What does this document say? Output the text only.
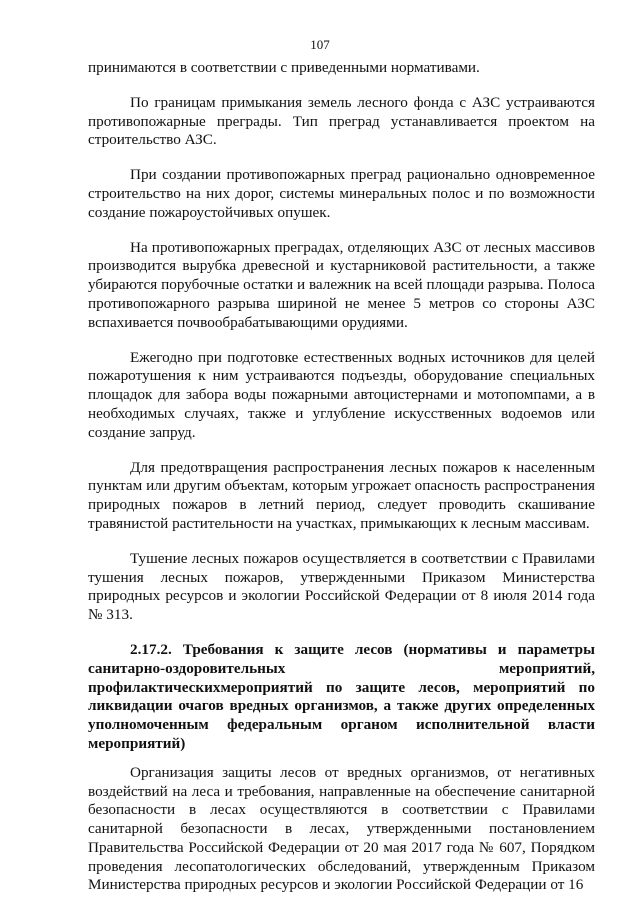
107

принимаются в соответствии с приведенными нормативами.

По границам примыкания земель лесного фонда с АЗС устраиваются противопожарные преграды. Тип преград устанавливается проектом на строительство АЗС.

При создании противопожарных преград рационально одновременное строительство на них дорог, системы минеральных полос и по возможности создание пожароустойчивых опушек.

На противопожарных преградах, отделяющих АЗС от лесных массивов производится вырубка древесной и кустарниковой растительности, а также убираются порубочные остатки и валежник на всей площади разрыва. Полоса противопожарного разрыва шириной не менее 5 метров со стороны АЗС вспахивается почвообрабатывающими орудиями.

Ежегодно при подготовке естественных водных источников для целей пожаротушения к ним устраиваются подъезды, оборудование специальных площадок для забора воды пожарными автоцистернами и мотопомпами, а в необходимых случаях, также и углубление искусственных водоемов или создание запруд.

Для предотвращения распространения лесных пожаров к населенным пунктам или другим объектам, которым угрожает опасность распространения природных пожаров в летний период, следует проводить скашивание травянистой растительности на участках, примыкающих к лесным массивам.

Тушение лесных пожаров осуществляется в соответствии с Правилами тушения лесных пожаров, утвержденными Приказом Министерства природных ресурсов и экологии Российской Федерации от 8 июля 2014 года № 313.

2.17.2. Требования к защите лесов (нормативы и параметры санитарно-оздоровительных мероприятий, профилактическихмероприятий по защите лесов, мероприятий по ликвидации очагов вредных организмов, а также других определенных уполномоченным федеральным органом исполнительной власти мероприятий)

Организация защиты лесов от вредных организмов, от негативных воздействий на леса и требования, направленные на обеспечение санитарной безопасности в лесах осуществляются в соответствии с Правилами санитарной безопасности в лесах, утвержденными постановлением Правительства Российской Федерации от 20 мая 2017 года № 607, Порядком проведения лесопатологических обследований, утвержденным Приказом Министерства природных ресурсов и экологии Российской Федерации от 16
